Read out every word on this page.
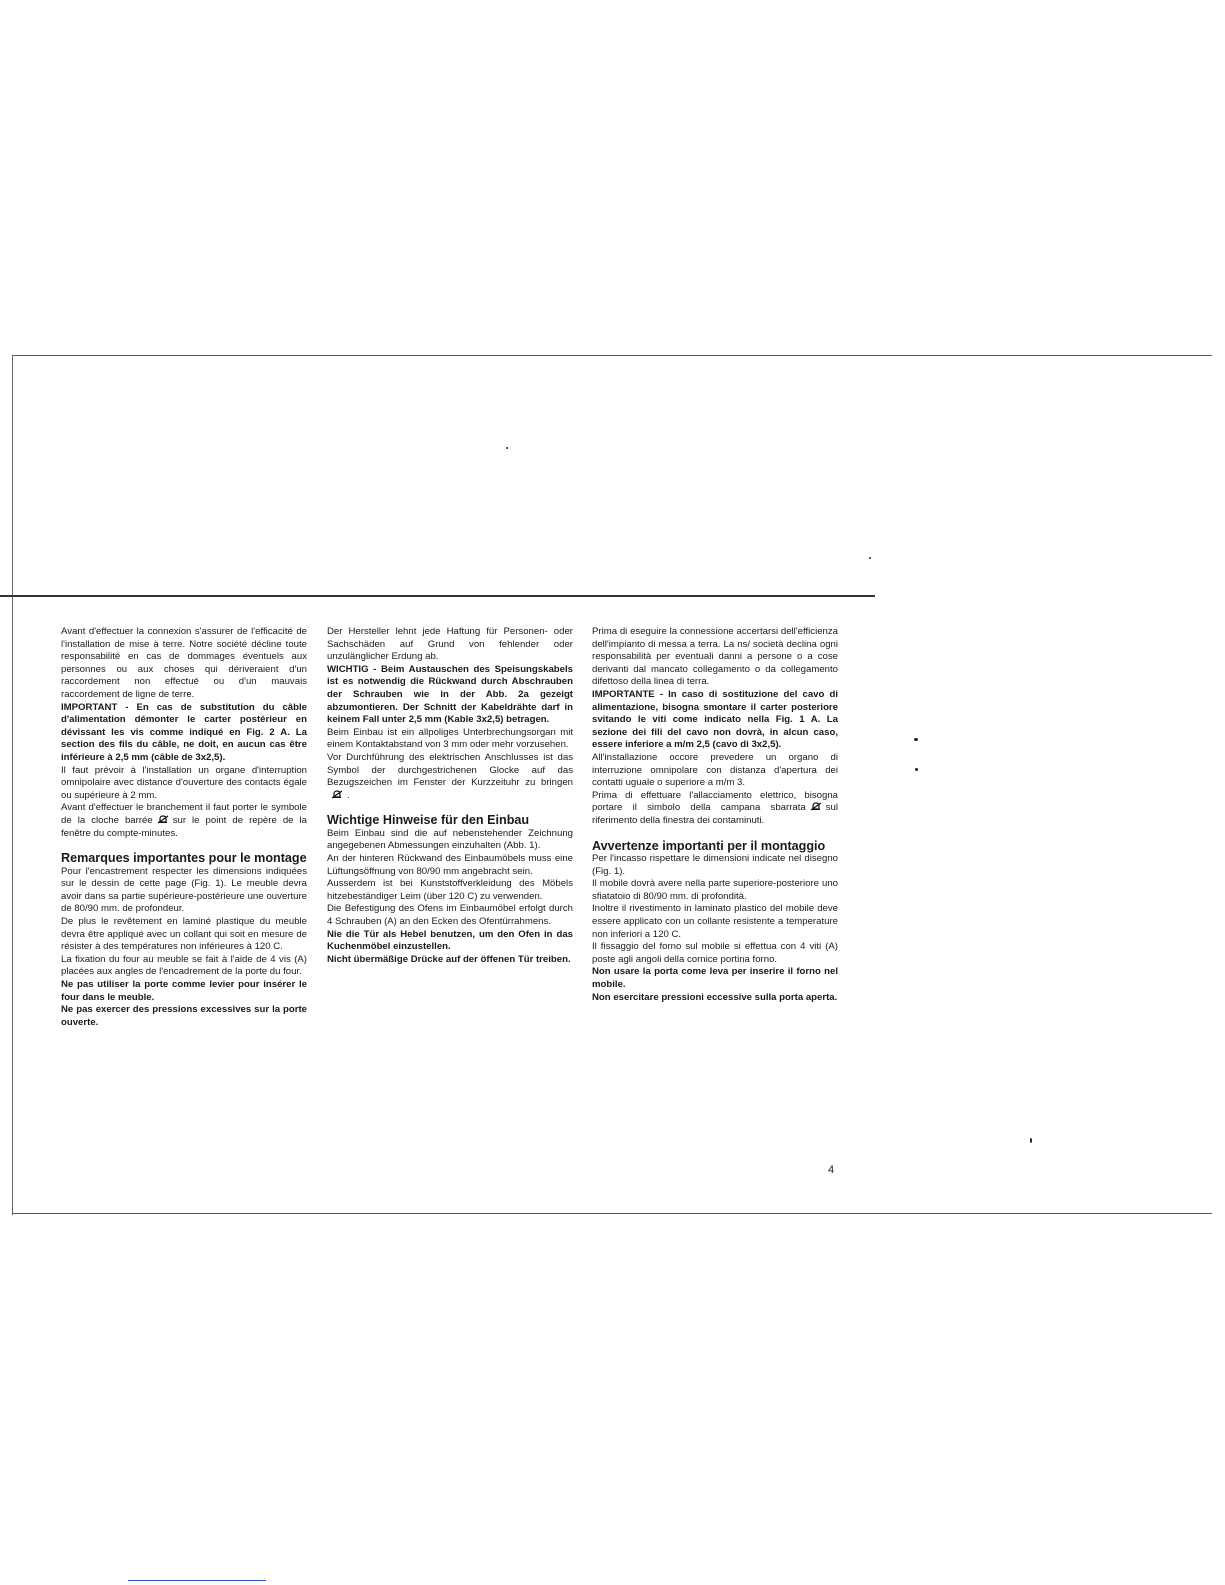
Avant d'effectuer la connexion s'assurer de l'efficacité de l'installation de mise à terre. Notre société décline toute responsabilité en cas de dommages éventuels aux personnes ou aux choses qui dériveraient d'un raccordement non effectué ou d'un mauvais raccordement de ligne de terre.

IMPORTANT - En cas de substitution du câble d'alimentation démonter le carter postérieur en dévissant les vis comme indiqué en Fig. 2 A. La section des fils du câble, ne doit, en aucun cas être inférieure à 2,5 mm (câble de 3x2,5).

Il faut prévoir à l'installation un organe d'interruption omnipolaire avec distance d'ouverture des contacts égale ou supérieure à 2 mm.

Avant d'effectuer le branchement il faut porter le symbole de la cloche barrée sur le point de repère de la fenêtre du compte-minutes.

Remarques importantes pour le montage

Pour l'encastrement respecter les dimensions indiquées sur le dessin de cette page (Fig. 1). Le meuble devra avoir dans sa partie supérieure-postérieure une ouverture de 80/90 mm. de profondeur.

De plus le revêtement en laminé plastique du meuble devra être appliqué avec un collant qui soit en mesure de résister à des températures non inférieures à 120 C.

La fixation du four au meuble se fait à l'aide de 4 vis (A) placées aux angles de l'encadrement de la porte du four.

Ne pas utiliser la porte comme levier pour insérer le four dans le meuble.

Ne pas exercer des pressions excessives sur la porte ouverte.

Der Hersteller lehnt jede Haftung für Personen- oder Sachschäden auf Grund von fehlender oder unzulänglicher Erdung ab.

WICHTIG - Beim Austauschen des Speisungskabels ist es notwendig die Rückwand durch Abschrauben der Schrauben wie in der Abb. 2a gezeigt abzumontieren. Der Schnitt der Kabeldrähte darf in keinem Fall unter 2,5 mm (Kable 3x2,5) betragen.

Beim Einbau ist ein allpoliges Unterbrechungsorgan mit einem Kontaktabstand von 3 mm oder mehr vorzusehen.

Vor Durchführung des elektrischen Anschlusses ist das Symbol der durchgestrichenen Glocke auf das Bezugszeichen im Fenster der Kurzzeituhr zu bringen.

Wichtige Hinweise für den Einbau

Beim Einbau sind die auf nebenstehender Zeichnung angegebenen Abmessungen einzuhalten (Abb. 1).

An der hinteren Rückwand des Einbaumöbels muss eine Lüftungsöffnung von 80/90 mm angebracht sein.

Ausserdem ist bei Kunststoffverkleidung des Möbels hitzebeständiger Leim (über 120 C) zu verwenden.

Die Befestigung des Ofens im Einbaumöbel erfolgt durch 4 Schrauben (A) an den Ecken des Ofentürrahmens.

Nie die Tür als Hebel benutzen, um den Ofen in das Kuchenmöbel einzustellen.

Nicht übermäßige Drücke auf der öffenen Tür treiben.

Prima di eseguire la connessione accertarsi dell'efficienza dell'impianto di messa a terra. La ns/ società declina ogni responsabilità per eventuali danni a persone o a cose derivanti dal mancato collegamento o da collegamento difettoso della linea di terra.

IMPORTANTE - In caso di sostituzione del cavo di alimentazione, bisogna smontare il carter posteriore svitando le viti come indicato nella Fig. 1 A. La sezione dei fili del cavo non dovrà, in alcun caso, essere inferiore a m/m 2,5 (cavo di 3x2,5).

All'installazione occore prevedere un organo di interruzione omnipolare con distanza d'apertura dei contatti uguale o superiore a m/m 3.

Prima di effettuare l'allacciamento elettrico, bisogna portare il simbolo della campana sbarrata sul riferimento della finestra dei contaminuti.

Avvertenze importanti per il montaggio

Per l'incasso rispettare le dimensioni indicate nel disegno (Fig. 1).

Il mobile dovrà avere nella parte superiore-posteriore uno sfiatatoio di 80/90 mm. di profondità.

Inoltre il rivestimento in laminato plastico del mobile deve essere applicato con un collante resistente a temperature non inferiori a 120 C.

Il fissaggio del forno sul mobile si effettua con 4 viti (A) poste agli angoli della cornice portina forno.

Non usare la porta come leva per inserire il forno nel mobile.

Non esercitare pressioni eccessive sulla porta aperta.

4
